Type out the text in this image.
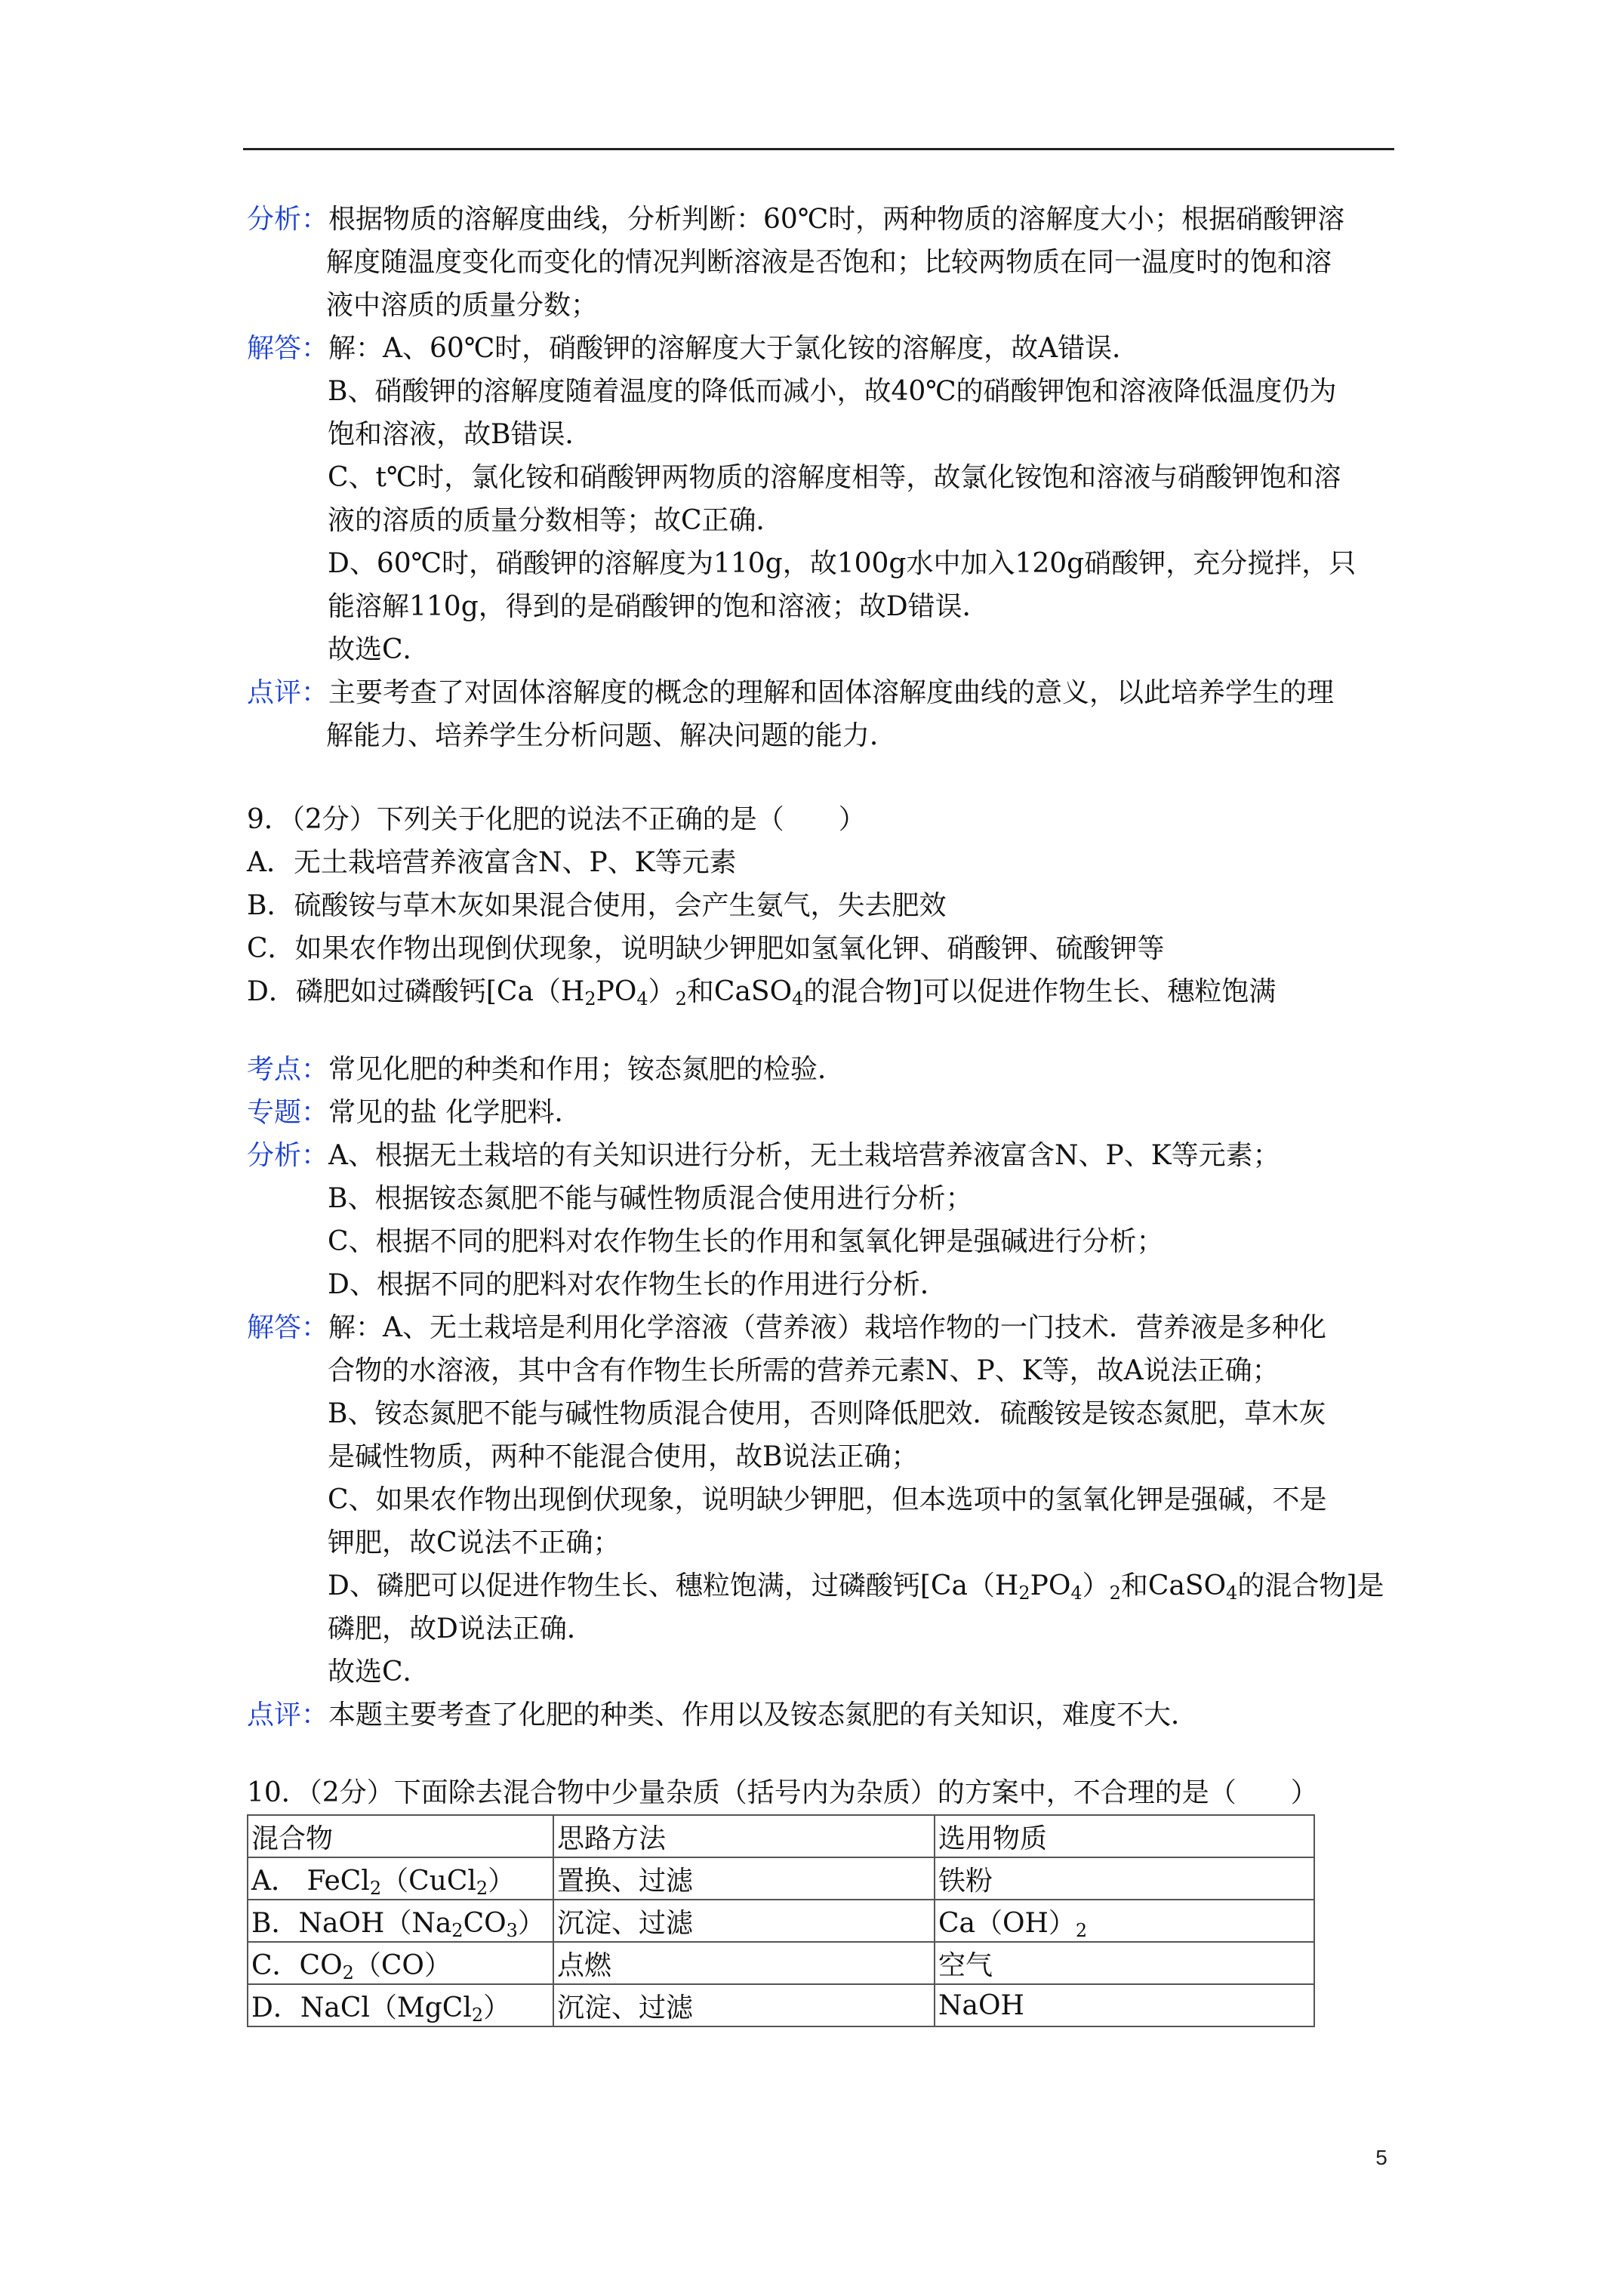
分析：根据物质的溶解度曲线，分析判断：60℃时，两种物质的溶解度大小；根据硝酸钾溶
解度随温度变化而变化的情况判断溶液是否饱和；比较两物质在同一温度时的饱和溶
液中溶质的质量分数；
解答：解：A、60℃时，硝酸钾的溶解度大于氯化铵的溶解度，故A错误．
B、硝酸钾的溶解度随着温度的降低而减小，故40℃的硝酸钾饱和溶液降低温度仍为
饱和溶液，故B错误．
C、t℃时，氯化铵和硝酸钾两物质的溶解度相等，故氯化铵饱和溶液与硝酸钾饱和溶
液的溶质的质量分数相等；故C正确．
D、60℃时，硝酸钾的溶解度为110g，故100g水中加入120g硝酸钾，充分搅拌，只
能溶解110g，得到的是硝酸钾的饱和溶液；故D错误．
故选C．
点评：主要考查了对固体溶解度的概念的理解和固体溶解度曲线的意义，以此培养学生的理
解能力、培养学生分析问题、解决问题的能力．
9．（2分）下列关于化肥的说法不正确的是（　　）
A．无土栽培营养液富含N、P、K等元素
B．硫酸铵与草木灰如果混合使用，会产生氨气，失去肥效
C．如果农作物出现倒伏现象，说明缺少钾肥如氢氧化钾、硝酸钾、硫酸钾等
D．磷肥如过磷酸钙[$Ca(H_2PO_4)_2$和CaSO$_4$的混合物]可以促进作物生长、穗粒饱满
考点：常见化肥的种类和作用；铵态氮肥的检验．
专题：常见的盐 化学肥料．
分析：A、根据无土栽培的有关知识进行分析，无土栽培营养液富含N、P、K等元素；
B、根据铵态氮肥不能与碱性物质混合使用进行分析；
C、根据不同的肥料对农作物生长的作用和氢氧化钾是强碱进行分析；
D、根据不同的肥料对农作物生长的作用进行分析．
解答：解：A、无土栽培是利用化学溶液（营养液）栽培作物的一门技术．营养液是多种化
合物的水溶液，其中含有作物生长所需的营养元素N、P、K等，故A说法正确；
B、铵态氮肥不能与碱性物质混合使用，否则降低肥效．硫酸铵是铵态氮肥，草木灰
是碱性物质，两种不能混合使用，故B说法正确；
C、如果农作物出现倒伏现象，说明缺少钾肥，但本选项中的氢氧化钾是强碱，不是
钾肥，故C说法不正确；
D、磷肥可以促进作物生长、穗粒饱满，过磷酸钙[$Ca(H_2PO_4)_2$和CaSO$_4$的混合物]是
磷肥，故D说法正确．
故选C．
点评：本题主要考查了化肥的种类、作用以及铵态氮肥的有关知识，难度不大．
10．（2分）下面除去混合物中少量杂质（括号内为杂质）的方案中，不合理的是（　　）
混合物	思路方法	选用物质
A． FeCl$_2$（CuCl$_2$）	置换、过滤	铁粉
B．$NaOH(Na_2CO_3)$	沉淀、过滤	$Ca(OH)_2$
C．$CO_2(CO)$	点燃	空气
D．NaCl（MgCl$_2$）	沉淀、过滤	NaOH
5
